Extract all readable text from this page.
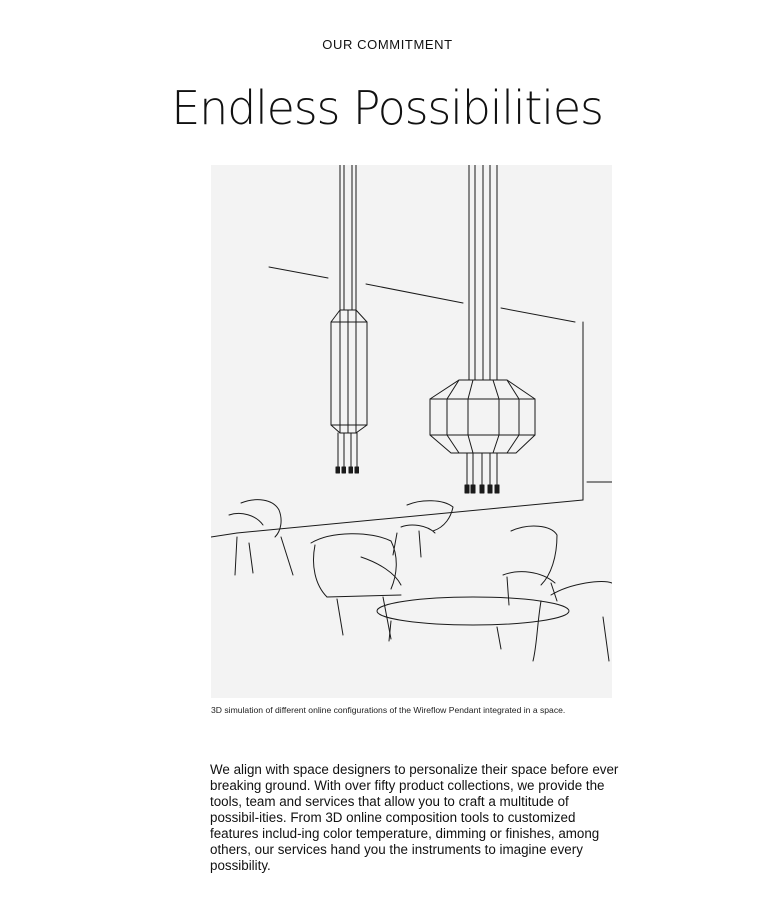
OUR COMMITMENT
Endless Possibilities
3D simulation of different online configurations of the Wireflow Pendant integrated in a space.

We align with space designers to personalize their space before ever breaking ground. With over fifty product collections, we provide the tools, team and services that allow you to craft a multitude of possibil-ities. From 3D online composition tools to customized features includ-ing color temperature, dimming or finishes, among others, our services hand you the instruments to imagine every possibility.
